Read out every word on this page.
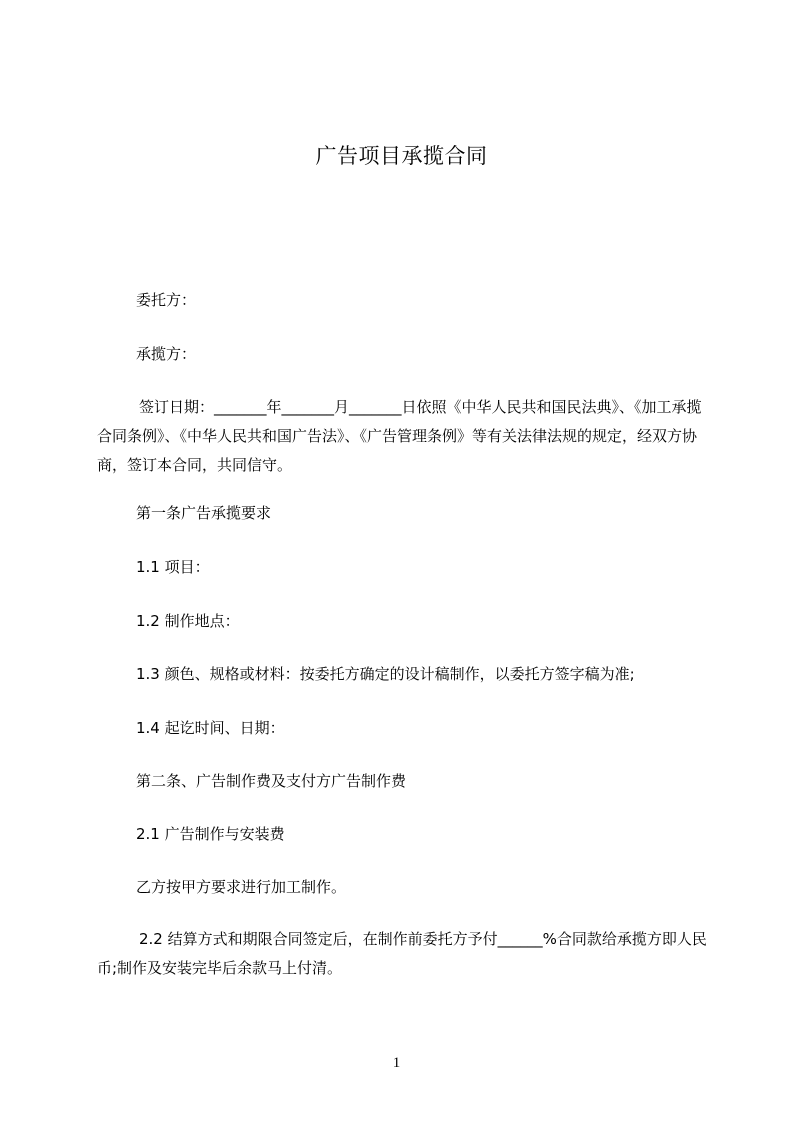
广告项目承揽合同

委托方：

承揽方：

签订日期：_______年_______月_______日依照《中华人民共和国民法典》、《加工承揽合同条例》、《中华人民共和国广告法》、《广告管理条例》等有关法律法规的规定，经双方协商，签订本合同，共同信守。

第一条广告承揽要求

1.1 项目：

1.2 制作地点：

1.3 颜色、规格或材料：按委托方确定的设计稿制作，以委托方签字稿为准;

1.4 起讫时间、日期：

第二条、广告制作费及支付方广告制作费

2.1 广告制作与安装费

乙方按甲方要求进行加工制作。

2.2 结算方式和期限合同签定后，在制作前委托方予付______%合同款给承揽方即人民币;制作及安装完毕后余款马上付清。

1
